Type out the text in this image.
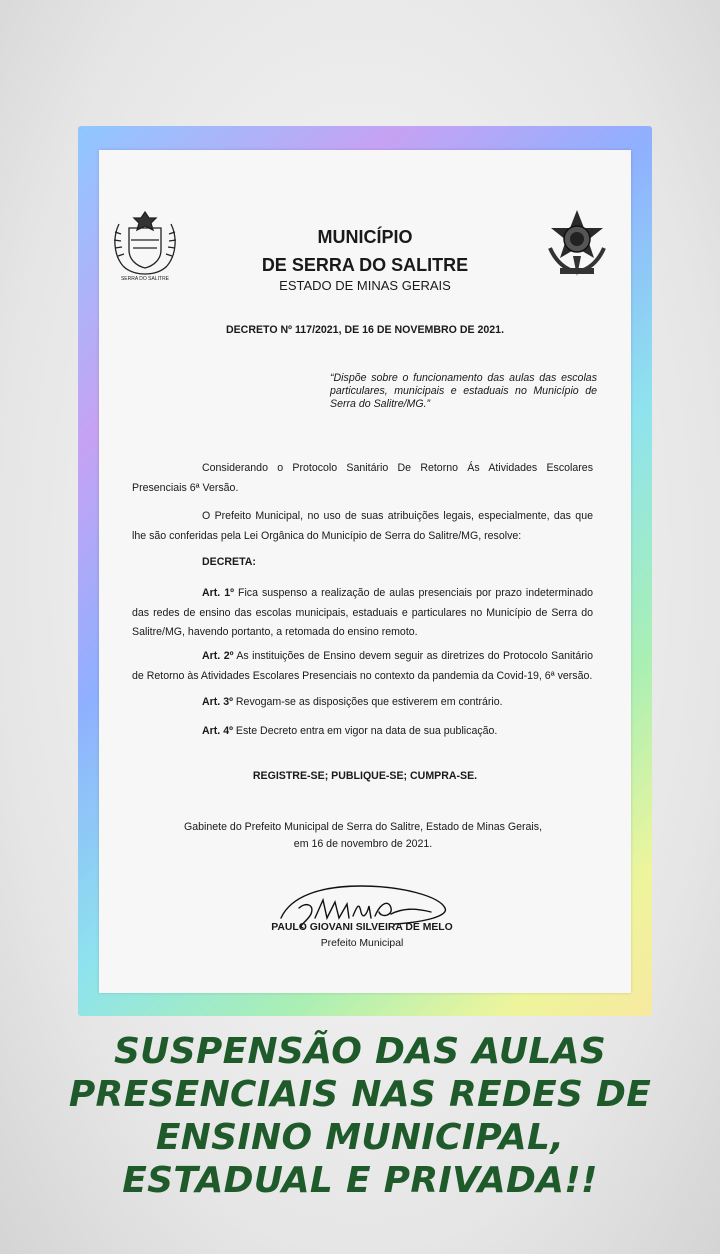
SERRA DO SALITRE
MUNICÍPIO
DE SERRA DO SALITRE
ESTADO DE MINAS GERAIS
DECRETO Nº 117/2021, DE 16 DE NOVEMBRO DE 2021.
“Dispõe sobre o funcionamento das aulas das escolas particulares, municipais e estaduais no Município de Serra do Salitre/MG.”
Considerando o Protocolo Sanitário De Retorno Ás Atividades Escolares Presenciais 6ª Versão.
O Prefeito Municipal, no uso de suas atribuições legais, especialmente, das que lhe são conferidas pela Lei Orgânica do Município de Serra do Salitre/MG, resolve:
DECRETA:
Art. 1º Fica suspenso a realização de aulas presenciais por prazo indeterminado das redes de ensino das escolas municipais, estaduais e particulares no Município de Serra do Salitre/MG, havendo portanto, a retomada do ensino remoto.
Art. 2º As instituições de Ensino devem seguir as diretrizes do Protocolo Sanitário de Retorno às Atividades Escolares Presenciais no contexto da pandemia da Covid-19, 6ª versão.
Art. 3º Revogam-se as disposições que estiverem em contrário.
Art. 4º Este Decreto entra em vigor na data de sua publicação.
REGISTRE-SE; PUBLIQUE-SE; CUMPRA-SE.
Gabinete do Prefeito Municipal de Serra do Salitre, Estado de Minas Gerais,
em 16 de novembro de 2021.
PAULO GIOVANI SILVEIRA DE MELO
Prefeito Municipal
SUSPENSÃO DAS AULAS
PRESENCIAIS NAS REDES DE
ENSINO MUNICIPAL,
ESTADUAL E PRIVADA!!
